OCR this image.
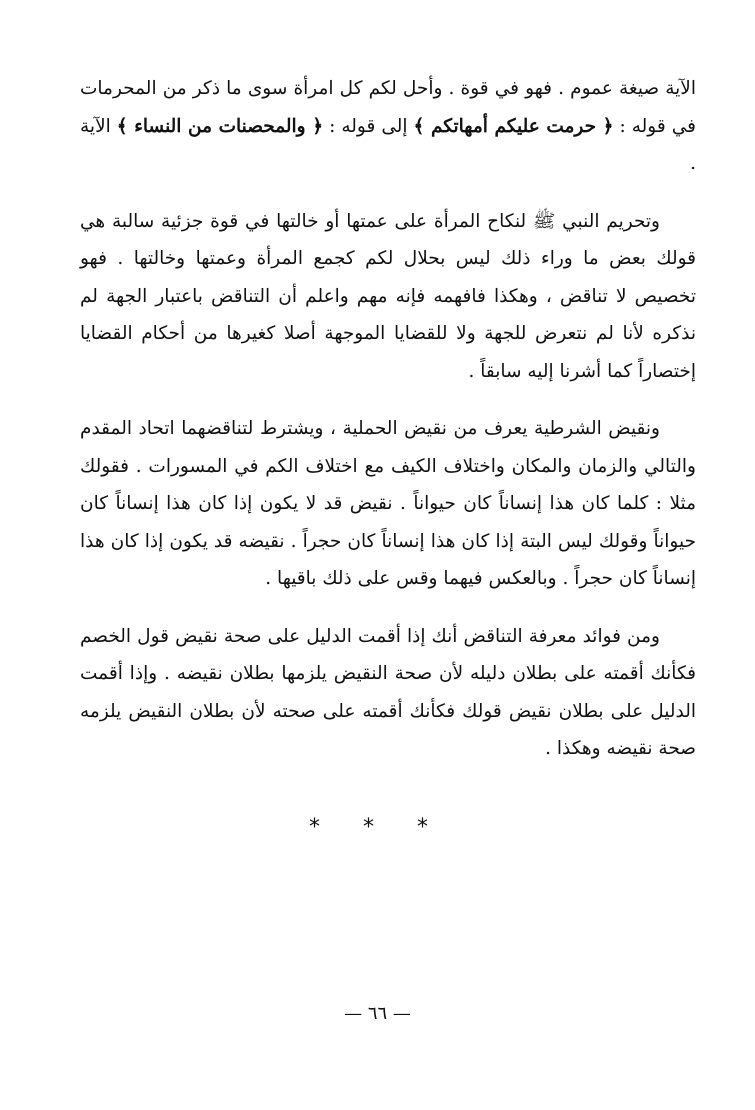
الآية صيغة عموم . فهو في قوة . وأحل لكم كل امرأة سوى ما ذكر من المحرمات في قوله : ﴿ حرمت عليكم أمهاتكم ﴾ إلى قوله : ﴿ والمحصنات من النساء ﴾ الآية .

وتحريم النبي ﷺ لنكاح المرأة على عمتها أو خالتها في قوة جزئية سالبة هي قولك بعض ما وراء ذلك ليس بحلال لكم كجمع المرأة وعمتها وخالتها . فهو تخصيص لا تناقض ، وهكذا فافهمه فإنه مهم واعلم أن التناقض باعتبار الجهة لم نذكره لأنا لم نتعرض للجهة ولا للقضايا الموجهة أصلا كغيرها من أحكام القضايا إختصاراً كما أشرنا إليه سابقاً .

ونقيض الشرطية يعرف من نقيض الحملية ، ويشترط لتناقضهما اتحاد المقدم والتالي والزمان والمكان واختلاف الكيف مع اختلاف الكم في المسورات . فقولك مثلا : كلما كان هذا إنساناً كان حيواناً . نقيض قد لا يكون إذا كان هذا إنساناً كان حيواناً وقولك ليس البتة إذا كان هذا إنساناً كان حجراً . نقيضه قد يكون إذا كان هذا إنساناً كان حجراً . وبالعكس فيهما وقس على ذلك باقيها .

ومن فوائد معرفة التناقض أنك إذا أقمت الدليل على صحة نقيض قول الخصم فكأنك أقمته على بطلان دليله لأن صحة النقيض يلزمها بطلان نقيضه . وإذا أقمت الدليل على بطلان نقيض قولك فكأنك أقمته على صحته لأن بطلان النقيض يلزمه صحة نقيضه وهكذا .

* * *
— ٦٦ —
